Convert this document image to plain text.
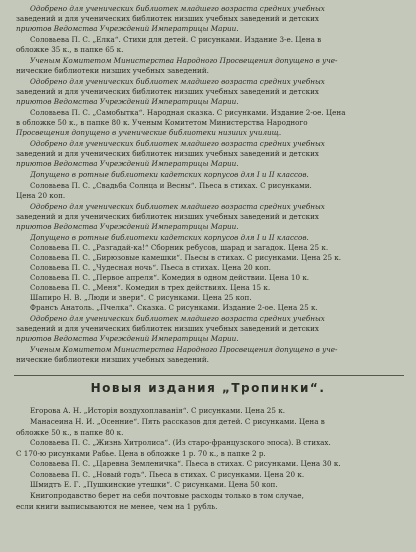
Одобрено для ученических библиотек младшего возраста средних учебных
заведений и для ученических библиотек низших учебных заведений и детских
приютов Ведомства Учреждений Императрицы Марии.
Соловьева П. С. „Елка“. Стихи для детей. С рисунками. Издание 3-е. Цена в
обложке 35 к., в папке 65 к.
Ученым Комитетом Министерства Народного Просвещения допущено в уче-
нические библиотеки низших учебных заведений.
Одобрено для ученических библиотек младшего возраста средних учебных
заведений и для ученических библиотек низших учебных заведений и детских
приютов Ведомства Учреждений Императрицы Марии.
Соловьева П. С. „Самобытка“. Народная сказка. С рисунками. Издание 2-ое. Цена
в обложке 50 к., в папке 80 к. Ученым Комитетом Министерства Народного
Просвещения допущено в ученические библиотеки низших училищ.
Одобрено для ученических библиотек младшего возраста средних учебных
заведений и для ученических библиотек низших учебных заведений и детских
приютов Ведомства Учреждений Императрицы Марии.
Допущено в ротные библиотеки кадетских корпусов для I и II классов.
Соловьева П. С. „Свадьба Солнца и Весны“. Пьеса в стихах. С рисунками.
Цена 20 коп.
Одобрено для ученических библиотек младшего возраста средних учебных
заведений и для ученических библиотек низших учебных заведений и детских
приютов Ведомства Учреждений Императрицы Марии.
Допущено в ротные библиотеки кадетских корпусов для I и II классов.
Соловьева П. С. „Разгадай-ка!“ Сборник ребусов, шарад и загадок. Цена 25 к.
Соловьева П. С. „Бирюзовые камешки“. Пьесы в стихах. С рисунками. Цена 25 к.
Соловьева П. С. „Чудесная ночь“. Пьеса в стихах. Цена 20 коп.
Соловьева П. С. „Первое апреля“. Комедия в одном действии. Цена 10 к.
Соловьева П. С. „Меня“. Комедия в трех действиях. Цена 15 к.
Шапиро Н. В. „Люди и звери“. С рисунками. Цена 25 коп.
Франсъ Анатоль. „Пчелка“. Сказка. С рисунками. Издание 2-ое. Цена 25 к.
Одобрено для ученических библиотек младшего возраста средних учебных
заведений и для ученических библиотек низших учебных заведений и детских
приютов Ведомства Учреждений Императрицы Марии.
Ученым Комитетом Министерства Народного Просвещения допущено в уче-
нические библиотеки низших учебных заведений.
Новыя издания „Тропинки“.
Егорова А. Н. „Исторiя воздухоплаванiя“. С рисунками. Цена 25 к.
Манасеина Н. И. „Осенние“. Пять рассказов для детей. С рисунками. Цена в
обложке 50 к., в папке 80 к.
Соловьева П. С. „Жизнь Хитролиса“. (Из старо-французского эпоса). В стихах.
С 170-ю рисунками Рабье. Цена в обложке 1 р. 70 к., в папке 2 р.
Соловьева П. С. „Царевна Земленичка“. Пьеса в стихах. С рисунками. Цена 30 к.
Соловьева П. С. „Новый годъ“. Пьеса в стихах. С рисунками. Цена 20 к.
Шмидтъ Е. Г. „Пушкинские утешки“. С рисунками. Цена 50 коп.
Книгопродавство берет на себя почтовые расходы только в том случае,
если книги выписываются не менее, чем на 1 рубль.
